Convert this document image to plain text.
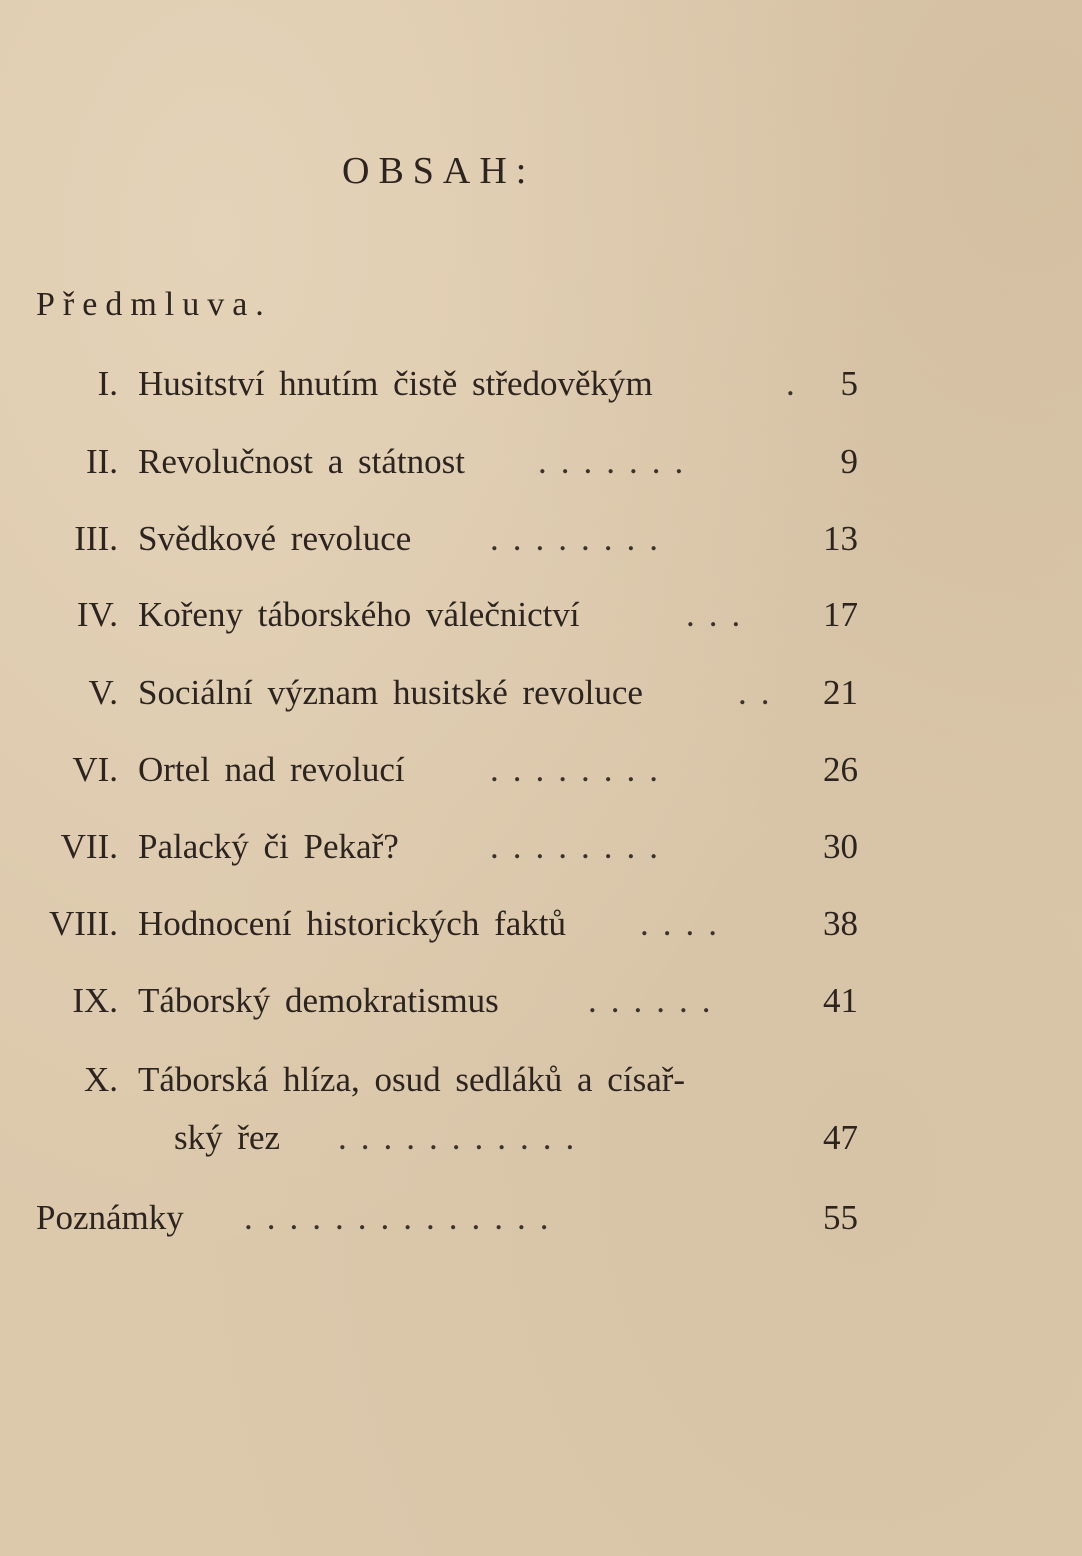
OBSAH:
Předmluva.
I. Husitství hnutím čistě středověkým	. 5
II. Revolučnost a státnost .......	9
III. Svědkové revoluce ........	13
IV. Kořeny táborského válečnictví	... 17
V. Sociální význam husitské revoluce	.. 21
VI. Ortel nad revolucí ........	26
VII. Palacký či Pekař?	........	30
VIII. Hodnocení historických faktů ....	38
IX. Táborský demokratismus	......	41
X. Táborská hlíza, osud sedláků a císař-
ský řez ...........	47
Poznámky ..............	55
